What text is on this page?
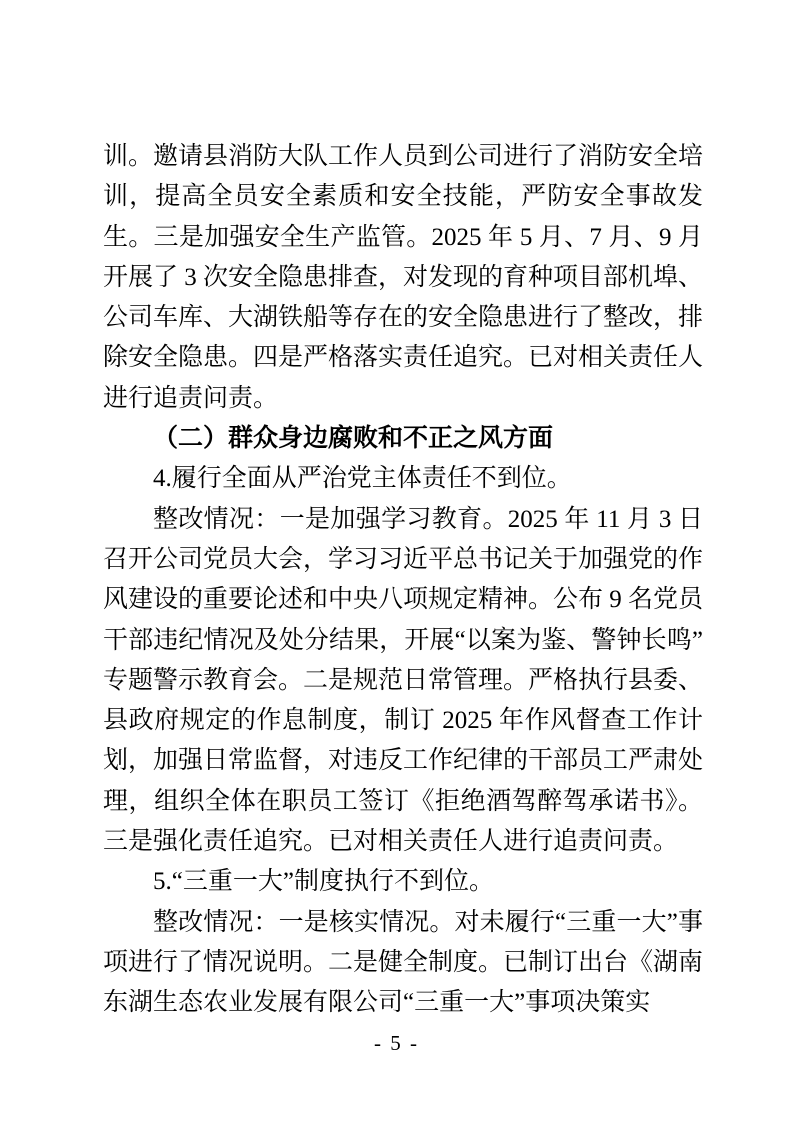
训。邀请县消防大队工作人员到公司进行了消防安全培训，提高全员安全素质和安全技能，严防安全事故发生。三是加强安全生产监管。2025 年 5 月、7 月、9 月开展了 3 次安全隐患排查，对发现的育种项目部机埠、公司车库、大湖铁船等存在的安全隐患进行了整改，排除安全隐患。四是严格落实责任追究。已对相关责任人进行追责问责。

（二）群众身边腐败和不正之风方面

4.履行全面从严治党主体责任不到位。

整改情况：一是加强学习教育。2025 年 11 月 3 日召开公司党员大会，学习习近平总书记关于加强党的作风建设的重要论述和中央八项规定精神。公布 9 名党员干部违纪情况及处分结果，开展“以案为鉴、警钟长鸣”专题警示教育会。二是规范日常管理。严格执行县委、县政府规定的作息制度，制订 2025 年作风督查工作计划，加强日常监督，对违反工作纪律的干部员工严肃处理，组织全体在职员工签订《拒绝酒驾醉驾承诺书》。三是强化责任追究。已对相关责任人进行追责问责。

5.“三重一大”制度执行不到位。

整改情况：一是核实情况。对未履行“三重一大”事项进行了情况说明。二是健全制度。已制订出台《湖南东湖生态农业发展有限公司“三重一大”事项决策实

- 5 -
